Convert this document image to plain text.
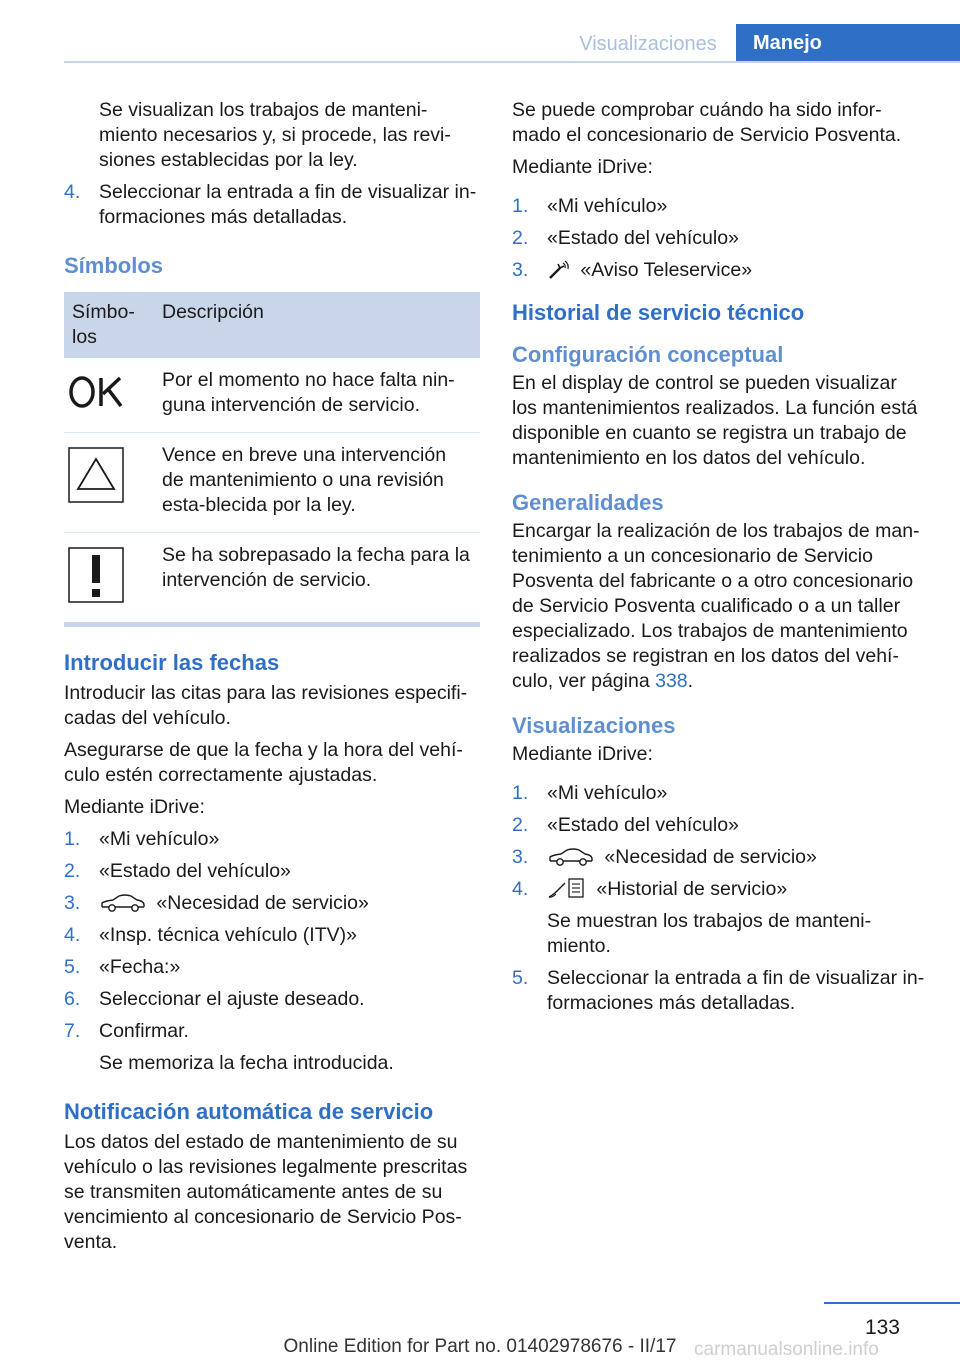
Visualizaciones	Manejo

Se visualizan los trabajos de manteni-miento necesarios y, si procede, las revi-siones establecidas por la ley.

4. Seleccionar la entrada a fin de visualizar in-formaciones más detalladas.
Símbolos
Símbo-los	Descripción
	Por el momento no hace falta nin-guna intervención de servicio.
	Vence en breve una intervención de mantenimiento o una revisión esta-blecida por la ley.
	Se ha sobrepasado la fecha para la intervención de servicio.
Introducir las fechas

Introducir las citas para las revisiones especifi-cadas del vehículo.

Asegurarse de que la fecha y la hora del vehí-culo estén correctamente ajustadas.

Mediante iDrive:

1. «Mi vehículo»
2. «Estado del vehículo»
3.	«Necesidad de servicio»
4. «Insp. técnica vehículo (ITV)»
5. «Fecha:»
6. Seleccionar el ajuste deseado.
7. Confirmar.

Se memoriza la fecha introducida.

Notificación automática de servicio

Los datos del estado de mantenimiento de su vehículo o las revisiones legalmente prescritas se transmiten automáticamente antes de su vencimiento al concesionario de Servicio Pos-venta.

Se puede comprobar cuándo ha sido infor-mado el concesionario de Servicio Posventa.

Mediante iDrive:

1. «Mi vehículo»
2. «Estado del vehículo»
3.	«Aviso Teleservice»
Historial de servicio técnico
Configuración conceptual

En el display de control se pueden visualizar los mantenimientos realizados. La función está disponible en cuanto se registra un trabajo de mantenimiento en los datos del vehículo.

Generalidades

Encargar la realización de los trabajos de man-tenimiento a un concesionario de Servicio Posventa del fabricante o a otro concesionario de Servicio Posventa cualificado o a un taller especializado. Los trabajos de mantenimiento realizados se registran en los datos del vehí-culo, ver página 338.

Visualizaciones

Mediante iDrive:

1. «Mi vehículo»
2. «Estado del vehículo»
3.	«Necesidad de servicio»
4.	«Historial de servicio»

Se muestran los trabajos de manteni-miento.

5. Seleccionar la entrada a fin de visualizar in-formaciones más detalladas.
133
Online Edition for Part no. 01402978676 - II/17 carmanualsonline.info
